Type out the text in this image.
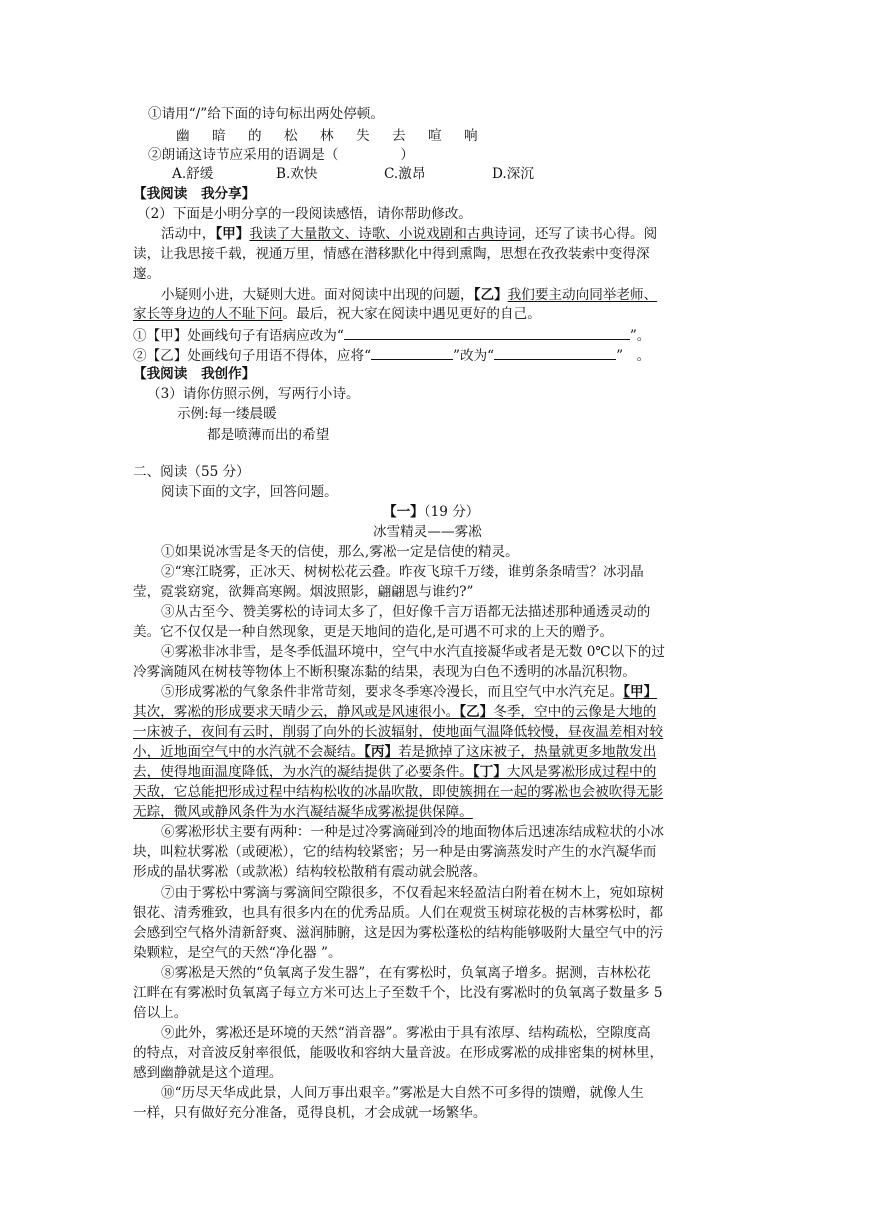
①请用“/”给下面的诗句标出两处停顿。
幽 暗 的 松 林 失 去 喧 响
②朗诵这诗节应采用的语调是（	）
A.舒缓	B.欢快	C.激昂	D.深沉
【我阅读　我分享】
（2）下面是小明分享的一段阅读感悟，请你帮助修改。
活动中，【甲】我读了大量散文、诗歌、小说戏剧和古典诗词，还写了读书心得。阅
读，让我思接千载，视通万里，情感在潜移默化中得到熏陶，思想在孜孜装索中变得深
邃。
小疑则小进，大疑则大进。面对阅读中出现的问题，【乙】我们要主动向同举老师、
家长等身边的人不耻下问。最后，祝大家在阅读中遇见更好的自己。
①【甲】处画线句子有语病应改为“	”。
②【乙】处画线句子用语不得体，应将“	”改为“	”　。
【我阅读　我创作】
（3）请你仿照示例，写两行小诗。
示例:每一缕晨暖
都是喷薄而出的希望
二、阅读（55 分）
阅读下面的文字，回答问题。
【一】（19 分）
冰雪精灵——雾凇
①如果说冰雪是冬天的信使，那么,雾凇一定是信使的精灵。
②“寒江晓雾，正冰天、树树松花云叠。昨夜飞琼千万缕，谁剪条条晴雪？冰羽晶
莹，霓裳窈窕，欲舞高寒阙。烟波照影，翩翩恩与谁约?”
③从古至今、赞美雾松的诗词太多了，但好像千言万语都无法描述那种通透灵动的
美。它不仅仅是一种自然现象，更是天地间的造化,是可遇不可求的上天的赠予。
④雾凇非冰非雪，是冬季低温环境中，空气中水汽直接凝华或者是无数 0℃以下的过
冷雾滴随风在树枝等物体上不断积聚冻黏的结果，表现为白色不透明的冰晶沉积物。
⑤形成雾凇的气象条件非常苛刻，要求冬季寒冷漫长，而且空气中水汽充足。【甲】
其次，雾凇的形成要求天晴少云，静风或是风速很小。【乙】冬季，空中的云像是大地的
一床被子，夜间有云时，削弱了向外的长波辐射，使地面气温降低较慢，昼夜温差相对较
小，近地面空气中的水汽就不会凝结。【丙】若是掀掉了这床被子，热量就更多地散发出
去，使得地面温度降低，为水汽的凝结提供了必要条件。【丁】大风是雾凇形成过程中的
天敌，它总能把形成过程中结构松收的冰晶吹散，即使簇拥在一起的雾凇也会被吹得无影
无踪，微风或静风条件为水汽凝结凝华成雾凇提供保障。
⑥雾凇形状主要有两种：一种是过冷雾滴碰到冷的地面物体后迅速冻结成粒状的小冰
块，叫粒状雾凇（或硬凇），它的结构较紧密；另一种是由雾滴蒸发时产生的水汽凝华而
形成的晶状雾凇（或款凇）结构较松散稍有震动就会脱落。
⑦由于雾松中雾滴与雾滴间空隙很多，不仅看起来轻盈洁白附着在树木上，宛如琼树
银花、清秀雅致，也具有很多内在的优秀品质。人们在观赏玉树琼花极的吉林雾松时，都
会感到空气格外清新舒爽、滋润肺腑，这是因为雾松蓬松的结构能够吸附大量空气中的污
染颗粒，是空气的天然“净化器 ”。
⑧雾凇是天然的“负氧离子发生器”，在有雾松时，负氧离子增多。据测，吉林松花
江畔在有雾凇时负氧离子每立方米可达上子至数千个，比没有雾凇时的负氧离子数量多 5
倍以上。
⑨此外，雾凇还是环境的天然“消音器”。雾凇由于具有浓厚、结构疏松，空隙度高
的特点，对音波反射率很低，能吸收和容纳大量音波。在形成雾凇的成排密集的树林里，
感到幽静就是这个道理。
⑩“历尽天华成此景，人间万事出艰辛。”雾凇是大自然不可多得的馈赠，就像人生
一样，只有做好充分准备，觅得良机，才会成就一场繁华。
